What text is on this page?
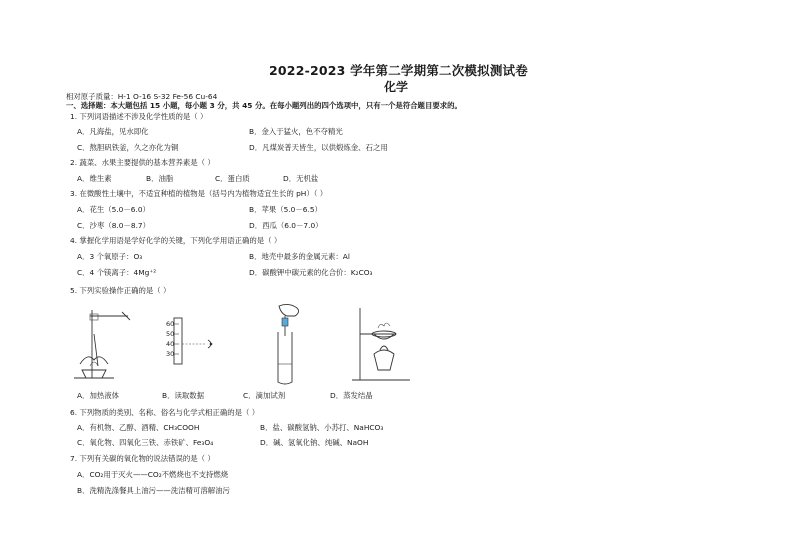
2022-2023 学年第二学期第二次模拟测试卷
化学
相对原子质量：H-1 O-16 S-32 Fe-56 Cu-64
一、选择题：本大题包括 15 小题，每小题 3 分，共 45 分。在每小题列出的四个选项中，只有一个是符合题目要求的。
1. 下列词语描述不涉及化学性质的是（ ）
A．凡海盐，见水即化	B．金入于猛火，色不夺精光
C．熬胆矾铁釜，久之亦化为铜	D．凡煤炭普天皆生，以供煅炼金、石之用
2. 蔬菜、水果主要提供的基本营养素是（ ）
A．维生素	B．油脂	C．蛋白质	D．无机盐
3. 在微酸性土壤中，不适宜种植的植物是（括号内为植物适宜生长的 pH）（ ）
A．花生（5.0－6.0）	B．苹果（5.0－6.5）
C．沙枣（8.0－8.7）	D．西瓜（6.0－7.0）
4. 掌握化学用语是学好化学的关键，下列化学用语正确的是（ ）
A．3 个氧原子：O₃	B．地壳中最多的金属元素：Al
C．4 个镁离子：4Mg⁺²	D．碳酸钾中碳元素的化合价：K₂CO₃
5. 下列实验操作正确的是（ ）
60
50
40
30
A．加热液体	B．读取数据	C．滴加试剂	D．蒸发结晶
6. 下列物质的类别、名称、俗名与化学式相正确的是（ ）
A．有机物、乙醇、酒精、CH₃COOH	B．盐、碳酸氢钠、小苏打、NaHCO₃
C．氧化物、四氧化三铁、赤铁矿、Fe₃O₄	D．碱、氢氧化钠、纯碱、NaOH
7. 下列有关碳的氧化物的说法错误的是（ ）
A．CO₂用于灭火——CO₂不燃烧也不支持燃烧
B．洗精洗涤餐具上油污——洗洁精可溶解油污
